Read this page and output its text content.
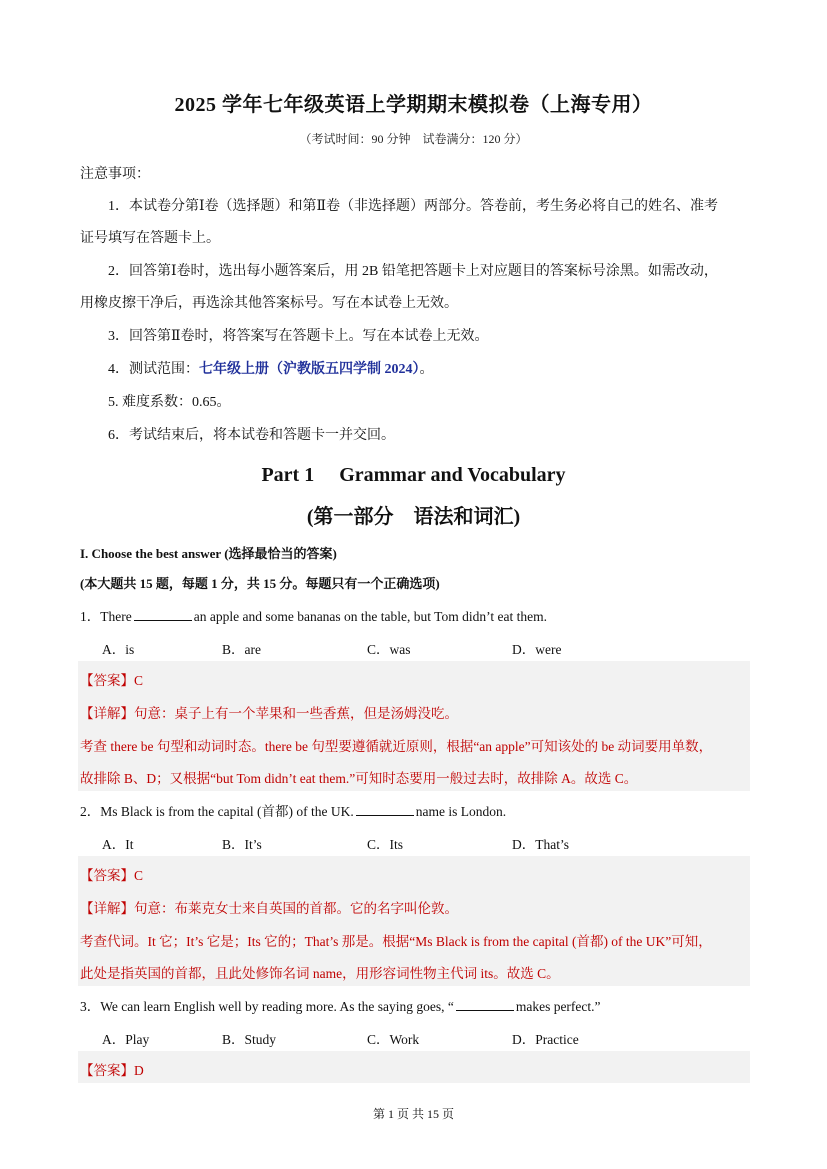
2025 学年七年级英语上学期期末模拟卷（上海专用）
（考试时间：90 分钟　试卷满分：120 分）
注意事项：
1．本试卷分第Ⅰ卷（选择题）和第Ⅱ卷（非选择题）两部分。答卷前，考生务必将自己的姓名、准考
证号填写在答题卡上。
2．回答第Ⅰ卷时，选出每小题答案后，用 2B 铅笔把答题卡上对应题目的答案标号涂黑。如需改动，
用橡皮擦干净后，再选涂其他答案标号。写在本试卷上无效。
3．回答第Ⅱ卷时，将答案写在答题卡上。写在本试卷上无效。
4．测试范围：七年级上册（沪教版五四学制 2024）。
5. 难度系数：0.65。
6．考试结束后，将本试卷和答题卡一并交回。
Part 1　 Grammar and Vocabulary
(第一部分　语法和词汇)
I. Choose the best answer (选择最恰当的答案)
(本大题共 15 题，每题 1 分，共 15 分。每题只有一个正确选项)
1．There	an apple and some bananas on the table, but Tom didn’t eat them.
A．is	B．are	C．was	D．were
【答案】C
【详解】句意：桌子上有一个苹果和一些香蕉，但是汤姆没吃。
考查 there be 句型和动词时态。there be 句型要遵循就近原则，根据“an apple”可知该处的 be 动词要用单数，
故排除 B、D；又根据“but Tom didn’t eat them.”可知时态要用一般过去时，故排除 A。故选 C。
2．Ms Black is from the capital (首都) of the UK.	name is London.
A．It	B．It’s	C．Its	D．That’s
【答案】C
【详解】句意：布莱克女士来自英国的首都。它的名字叫伦敦。
考查代词。It 它；It’s 它是；Its 它的；That’s 那是。根据“Ms Black is from the capital (首都) of the UK”可知，
此处是指英国的首都，且此处修饰名词 name，用形容词性物主代词 its。故选 C。
3．We can learn English well by reading more. As the saying goes, “	makes perfect.”
A．Play	B．Study	C．Work	D．Practice
【答案】D
第 1 页 共 15 页
